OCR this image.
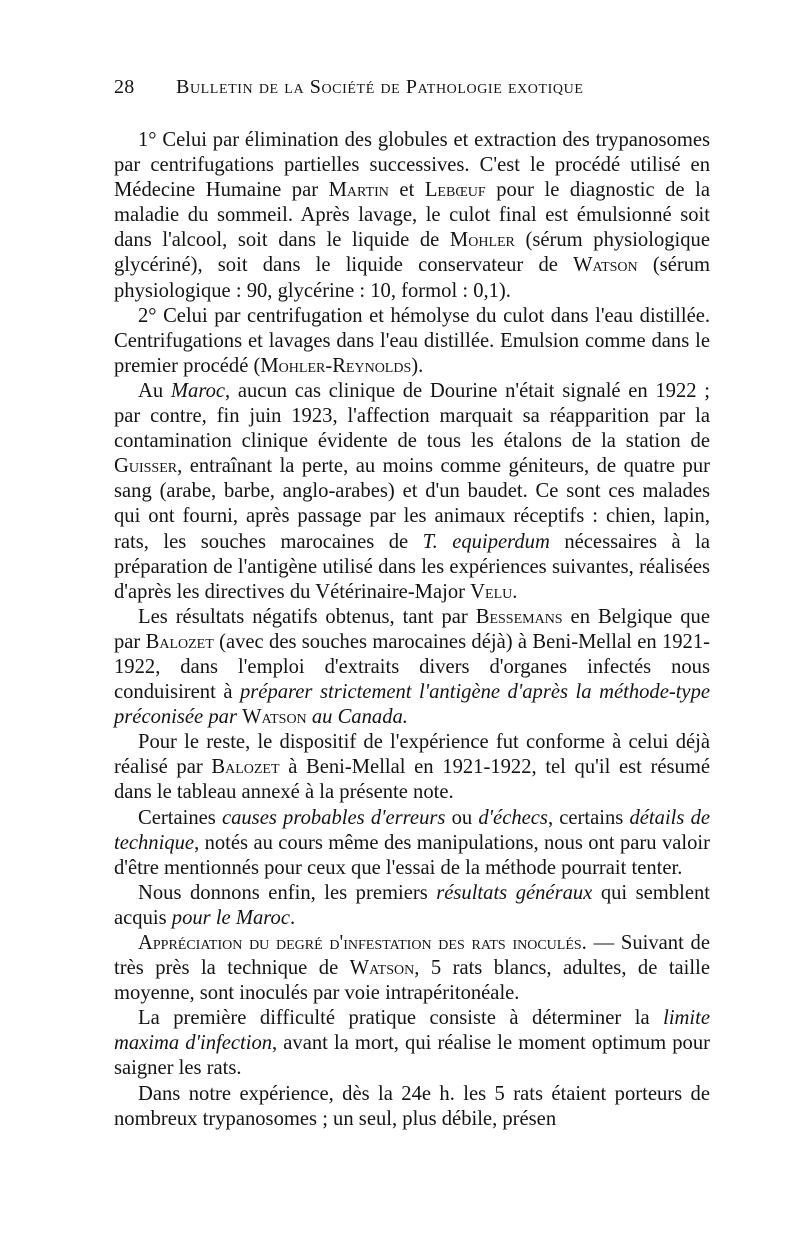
28	Bulletin de la Société de Pathologie exotique

1° Celui par élimination des globules et extraction des trypanosomes par centrifugations partielles successives. C'est le procédé utilisé en Médecine Humaine par Martin et Lebœuf pour le diagnostic de la maladie du sommeil. Après lavage, le culot final est émulsionné soit dans l'alcool, soit dans le liquide de Mohler (sérum physiologique glycériné), soit dans le liquide conservateur de Watson (sérum physiologique : 90, glycérine : 10, formol : 0,1).

2° Celui par centrifugation et hémolyse du culot dans l'eau distillée. Centrifugations et lavages dans l'eau distillée. Emulsion comme dans le premier procédé (Mohler-Reynolds).

Au Maroc, aucun cas clinique de Dourine n'était signalé en 1922 ; par contre, fin juin 1923, l'affection marquait sa réapparition par la contamination clinique évidente de tous les étalons de la station de Guisser, entraînant la perte, au moins comme géniteurs, de quatre pur sang (arabe, barbe, anglo-arabes) et d'un baudet. Ce sont ces malades qui ont fourni, après passage par les animaux réceptifs : chien, lapin, rats, les souches marocaines de T. equiperdum nécessaires à la préparation de l'antigène utilisé dans les expériences suivantes, réalisées d'après les directives du Vétérinaire-Major Velu.

Les résultats négatifs obtenus, tant par Bessemans en Belgique que par Balozet (avec des souches marocaines déjà) à Beni-Mellal en 1921-1922, dans l'emploi d'extraits divers d'organes infectés nous conduisirent à préparer strictement l'antigène d'après la méthode-type préconisée par Watson au Canada.

Pour le reste, le dispositif de l'expérience fut conforme à celui déjà réalisé par Balozet à Beni-Mellal en 1921-1922, tel qu'il est résumé dans le tableau annexé à la présente note.

Certaines causes probables d'erreurs ou d'échecs, certains détails de technique, notés au cours même des manipulations, nous ont paru valoir d'être mentionnés pour ceux que l'essai de la méthode pourrait tenter.

Nous donnons enfin, les premiers résultats généraux qui semblent acquis pour le Maroc.

Appréciation du degré d'infestation des rats inoculés. — Suivant de très près la technique de Watson, 5 rats blancs, adultes, de taille moyenne, sont inoculés par voie intrapéritonéale.

La première difficulté pratique consiste à déterminer la limite maxima d'infection, avant la mort, qui réalise le moment optimum pour saigner les rats.

Dans notre expérience, dès la 24e h. les 5 rats étaient porteurs de nombreux trypanosomes ; un seul, plus débile, présen
